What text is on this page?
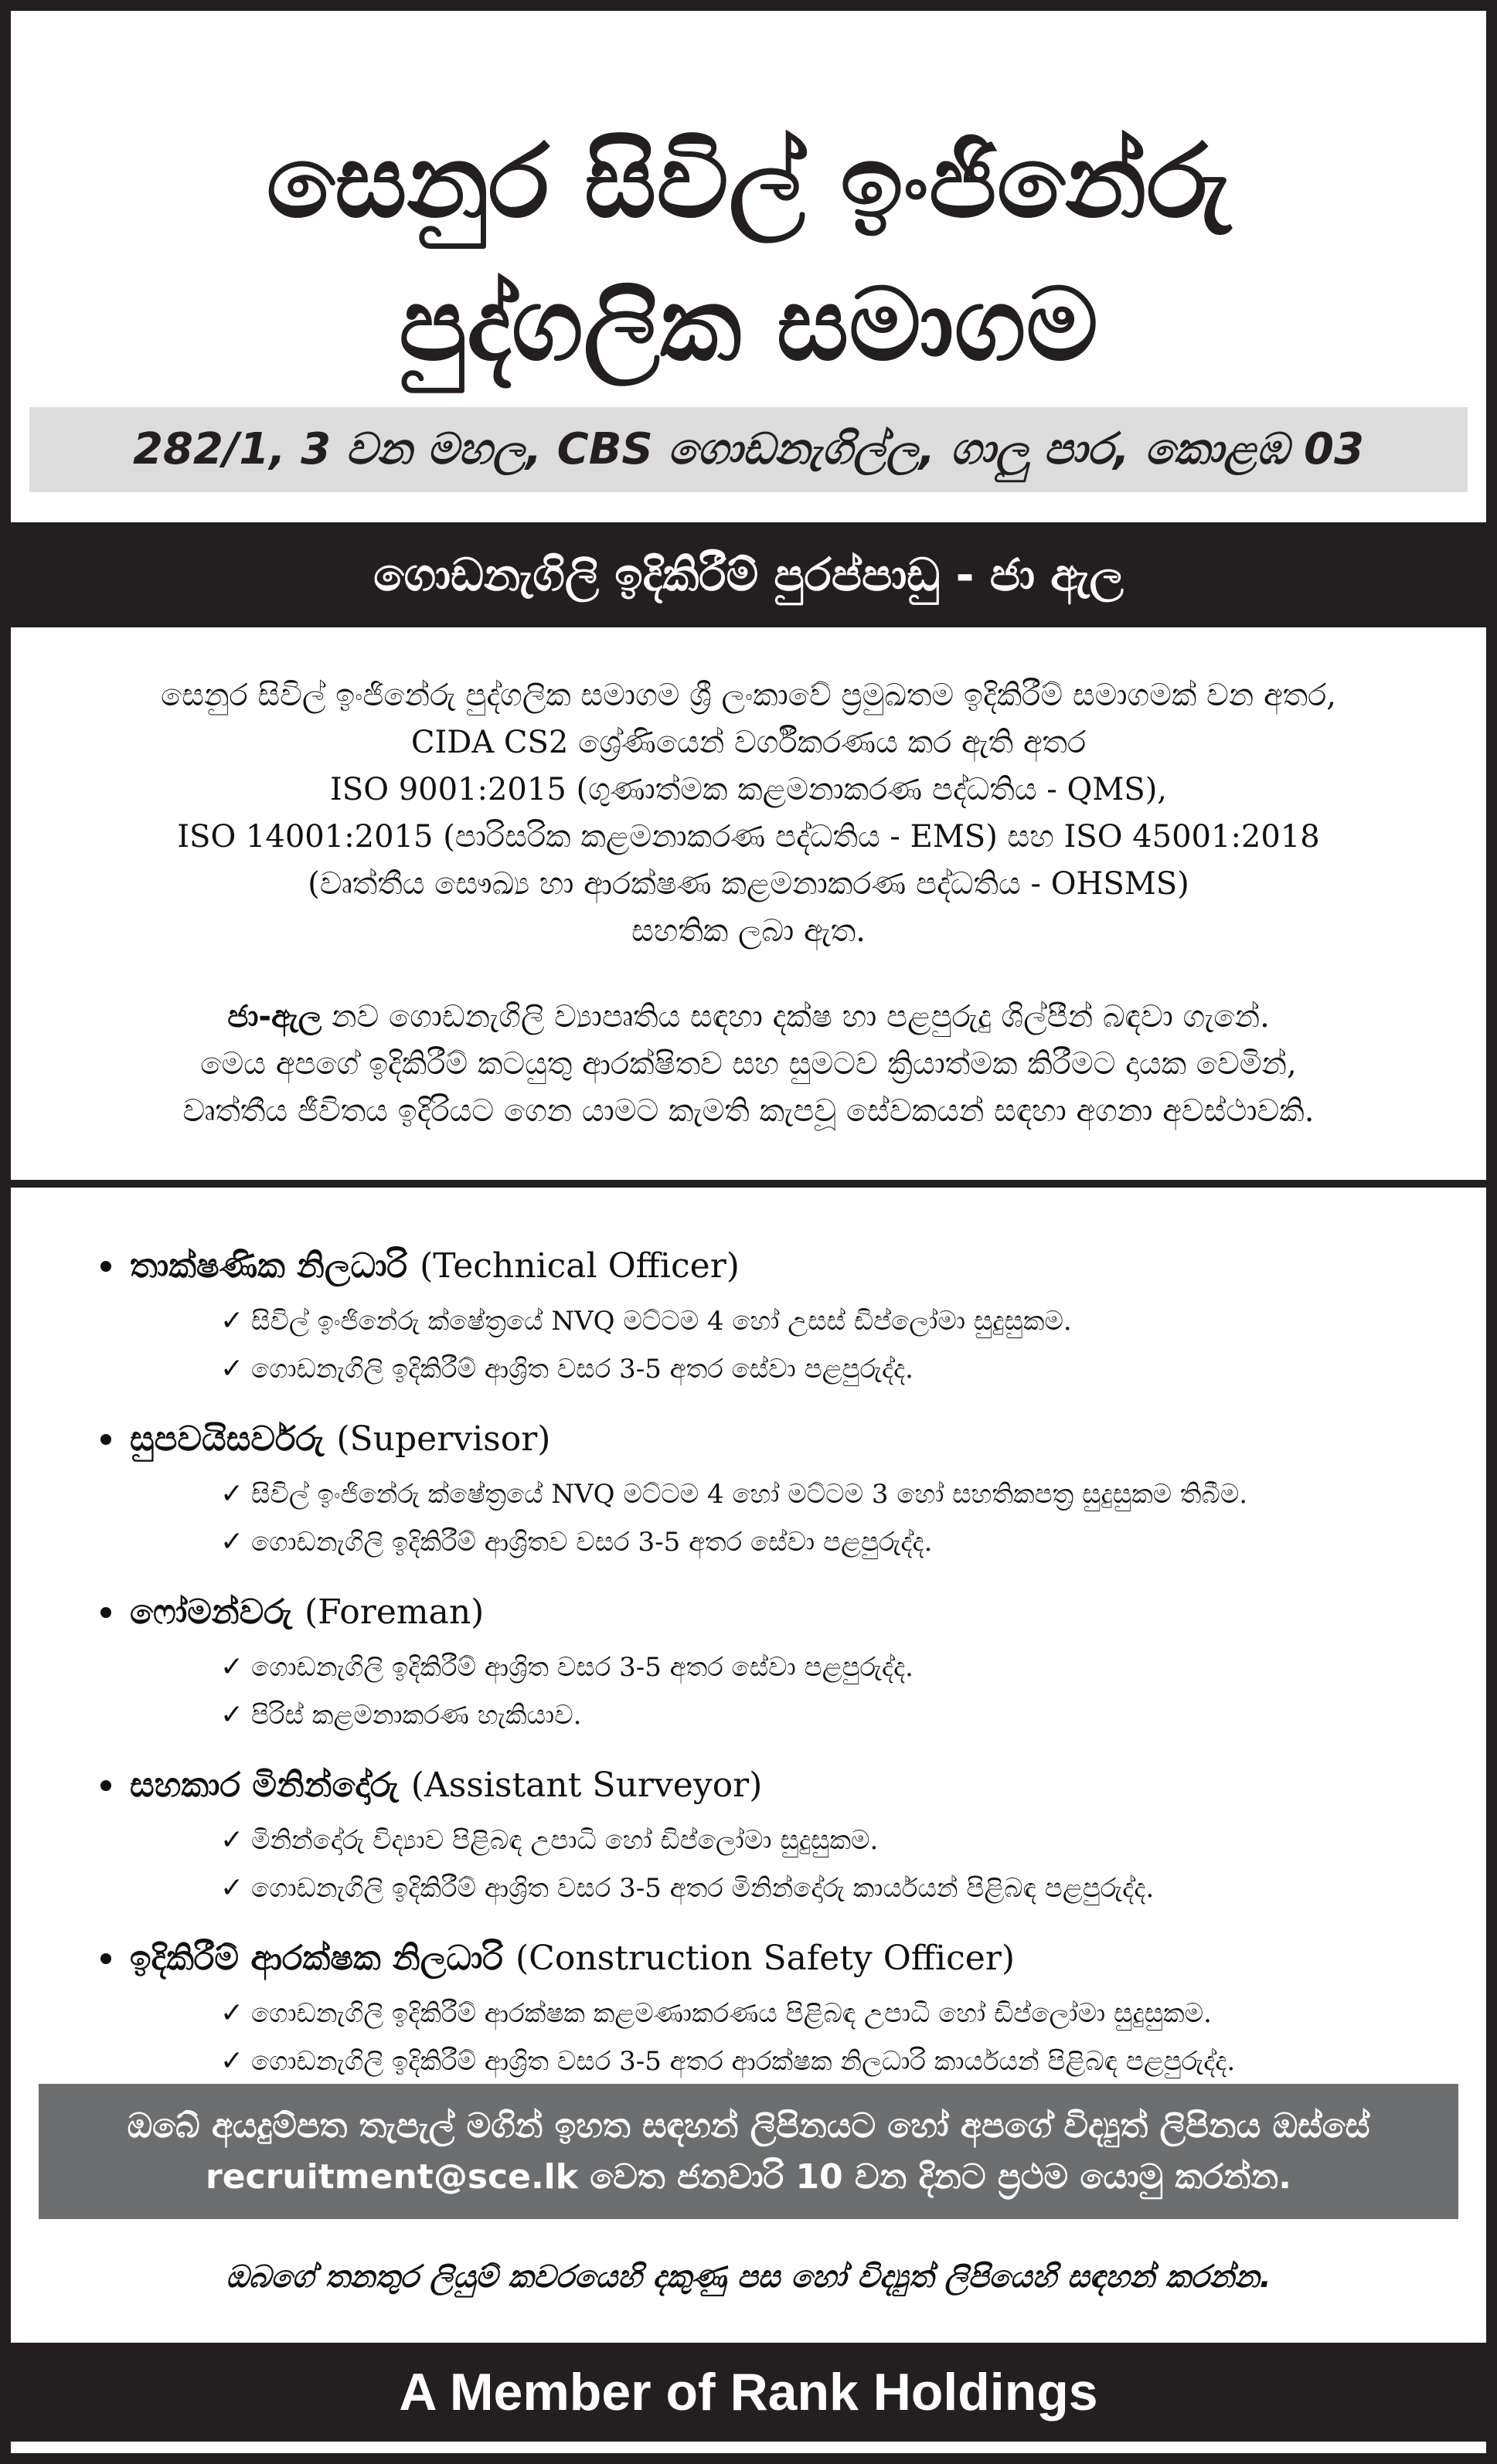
සෙනුර සිවිල් ඉංජිනේරු
පුද්ගලික සමාගම
282/1, 3 වන මහල, CBS ගොඩනැගිල්ල, ගාලු පාර, කොළඹ 03
ගොඩනැගිලි ඉදිකිරීම් පුරප්පාඩු - ජා ඇල

සෙනුර සිවිල් ඉංජිනේරු පුද්ගලික සමාගම ශ්‍රී ලංකාවේ ප්‍රමුඛතම ඉදිකිරීම් සමාගමක් වන අතර,

CIDA CS2 ශ්‍රේණියෙන් වර්ගීකරණය කර ඇති අතර

ISO 9001:2015 (ගුණාත්මක කළමනාකරණ පද්ධතිය - QMS),

ISO 14001:2015 (පාරිසරික කළමනාකරණ පද්ධතිය - EMS) සහ ISO 45001:2018

(වෘත්තීය සෞඛ්‍ය හා ආරක්ෂණ කළමනාකරණ පද්ධතිය - OHSMS)

සහතික ලබා ඇත.

ජා-ඇල නව ගොඩනැගිලි ව්‍යාපෘතිය සඳහා දක්ෂ හා පළපුරුදු ශිල්පීන් බඳවා ගැනේ.

මෙය අපගේ ඉදිකිරීම් කටයුතු ආරක්ෂිතව සහ සුමටව ක්‍රියාත්මක කිරීමට දායක වෙමින්,

වෘත්තීය ජීවිතය ඉදිරියට ගෙන යාමට කැමති කැපවූ සේවකයන් සඳහා අගනා අවස්ථාවකි.

තාක්ෂණික නිලධාරි (Technical Officer)
✓ සිවිල් ඉංජිනේරු ක්ෂේත්‍රයේ NVQ මට්ටම 4 හෝ උසස් ඩිප්ලෝමා සුදුසුකම.
✓ ගොඩනැගිලි ඉදිකිරීම් ආශ්‍රිත වසර 3-5 අතර සේවා පළපුරුද්ද.
සුපවයිසර්වරු (Supervisor)
✓ සිවිල් ඉංජිනේරු ක්ෂේත්‍රයේ NVQ මට්ටම 4 හෝ මට්ටම 3 හෝ සහතිකපත්‍ර සුදුසුකම තිබීම.
✓ ගොඩනැගිලි ඉදිකිරීම් ආශ්‍රිතව වසර 3-5 අතර සේවා පළපුරුද්ද.
ෆෝමන්වරු (Foreman)
✓ ගොඩනැගිලි ඉදිකිරීම් ආශ්‍රිත වසර 3-5 අතර සේවා පළපුරුද්ද.
✓ පිරිස් කළමනාකරණ හැකියාව.
සහකාර මිනින්දෝරු (Assistant Surveyor)
✓ මිනින්දෝරු විද්‍යාව පිළිබඳ උපාධි හෝ ඩිප්ලෝමා සුදුසුකම.
✓ ගොඩනැගිලි ඉදිකිරීම් ආශ්‍රිත වසර 3-5 අතර මිනින්දෝරු කාර්යයන් පිළිබඳ පළපුරුද්ද.
ඉදිකිරීම් ආරක්ෂක නිලධාරි (Construction Safety Officer)
✓ ගොඩනැගිලි ඉදිකිරීම් ආරක්ෂක කළමණාකරණය පිළිබඳ උපාධි හෝ ඩිප්ලෝමා සුදුසුකම.
✓ ගොඩනැගිලි ඉදිකිරීම් ආශ්‍රිත වසර 3-5 අතර ආරක්ෂක නිලධාරි කාර්යයන් පිළිබඳ පළපුරුද්ද.

ඔබේ අයදුම්පත තැපැල් මගින් ඉහත සඳහන් ලිපිනයට හෝ අපගේ විද්‍යුත් ලිපිනය ඔස්සේ

recruitment@sce.lk වෙත ජනවාරි 10 වන දිනට ප්‍රථම යොමු කරන්න.

ඔබගේ තනතුර ලියුම් කවරයෙහි දකුණු පස හෝ විද්‍යුත් ලිපියෙහි සඳහන් කරන්න.
A Member of Rank Holdings
